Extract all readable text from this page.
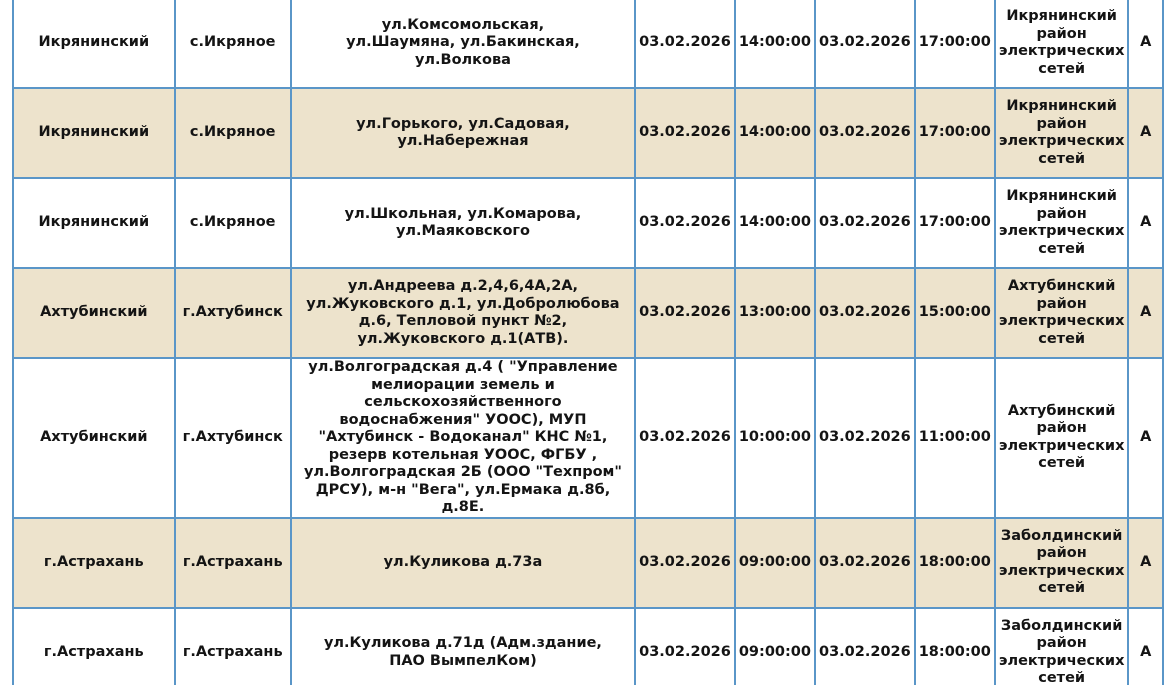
Икрянинский	с.Икряное	ул.Комсомольская, ул.Шаумяна, ул.Бакинская, ул.Волкова	03.02.2026	14:00:00	03.02.2026	17:00:00	Икрянинский район электрических сетей	А
Икрянинский	с.Икряное	ул.Горького, ул.Садовая, ул.Набережная	03.02.2026	14:00:00	03.02.2026	17:00:00	Икрянинский район электрических сетей	А
Икрянинский	с.Икряное	ул.Школьная, ул.Комарова, ул.Маяковского	03.02.2026	14:00:00	03.02.2026	17:00:00	Икрянинский район электрических сетей	А
Ахтубинский	г.Ахтубинск	ул.Андреева д.2,4,6,4А,2А, ул.Жуковского д.1, ул.Добролюбова д.6, Тепловой пункт №2, ул.Жуковского д.1(АТВ).	03.02.2026	13:00:00	03.02.2026	15:00:00	Ахтубинский район электрических сетей	А
Ахтубинский	г.Ахтубинск	ул.Волгоградская д.4 ( "Управление мелиорации земель и сельскохозяйственного водоснабжения" УООС), МУП "Ахтубинск - Водоканал" КНС №1, резерв котельная УООС, ФГБУ , ул.Волгоградская 2Б (ООО "Техпром" ДРСУ), м-н "Вега", ул.Ермака д.8б, д.8Е.	03.02.2026	10:00:00	03.02.2026	11:00:00	Ахтубинский район электрических сетей	А
г.Астрахань	г.Астрахань	ул.Куликова д.73а	03.02.2026	09:00:00	03.02.2026	18:00:00	Заболдинский район электрических сетей	А
г.Астрахань	г.Астрахань	ул.Куликова д.71д (Адм.здание, ПАО ВымпелКом)	03.02.2026	09:00:00	03.02.2026	18:00:00	Заболдинский район электрических сетей	А
